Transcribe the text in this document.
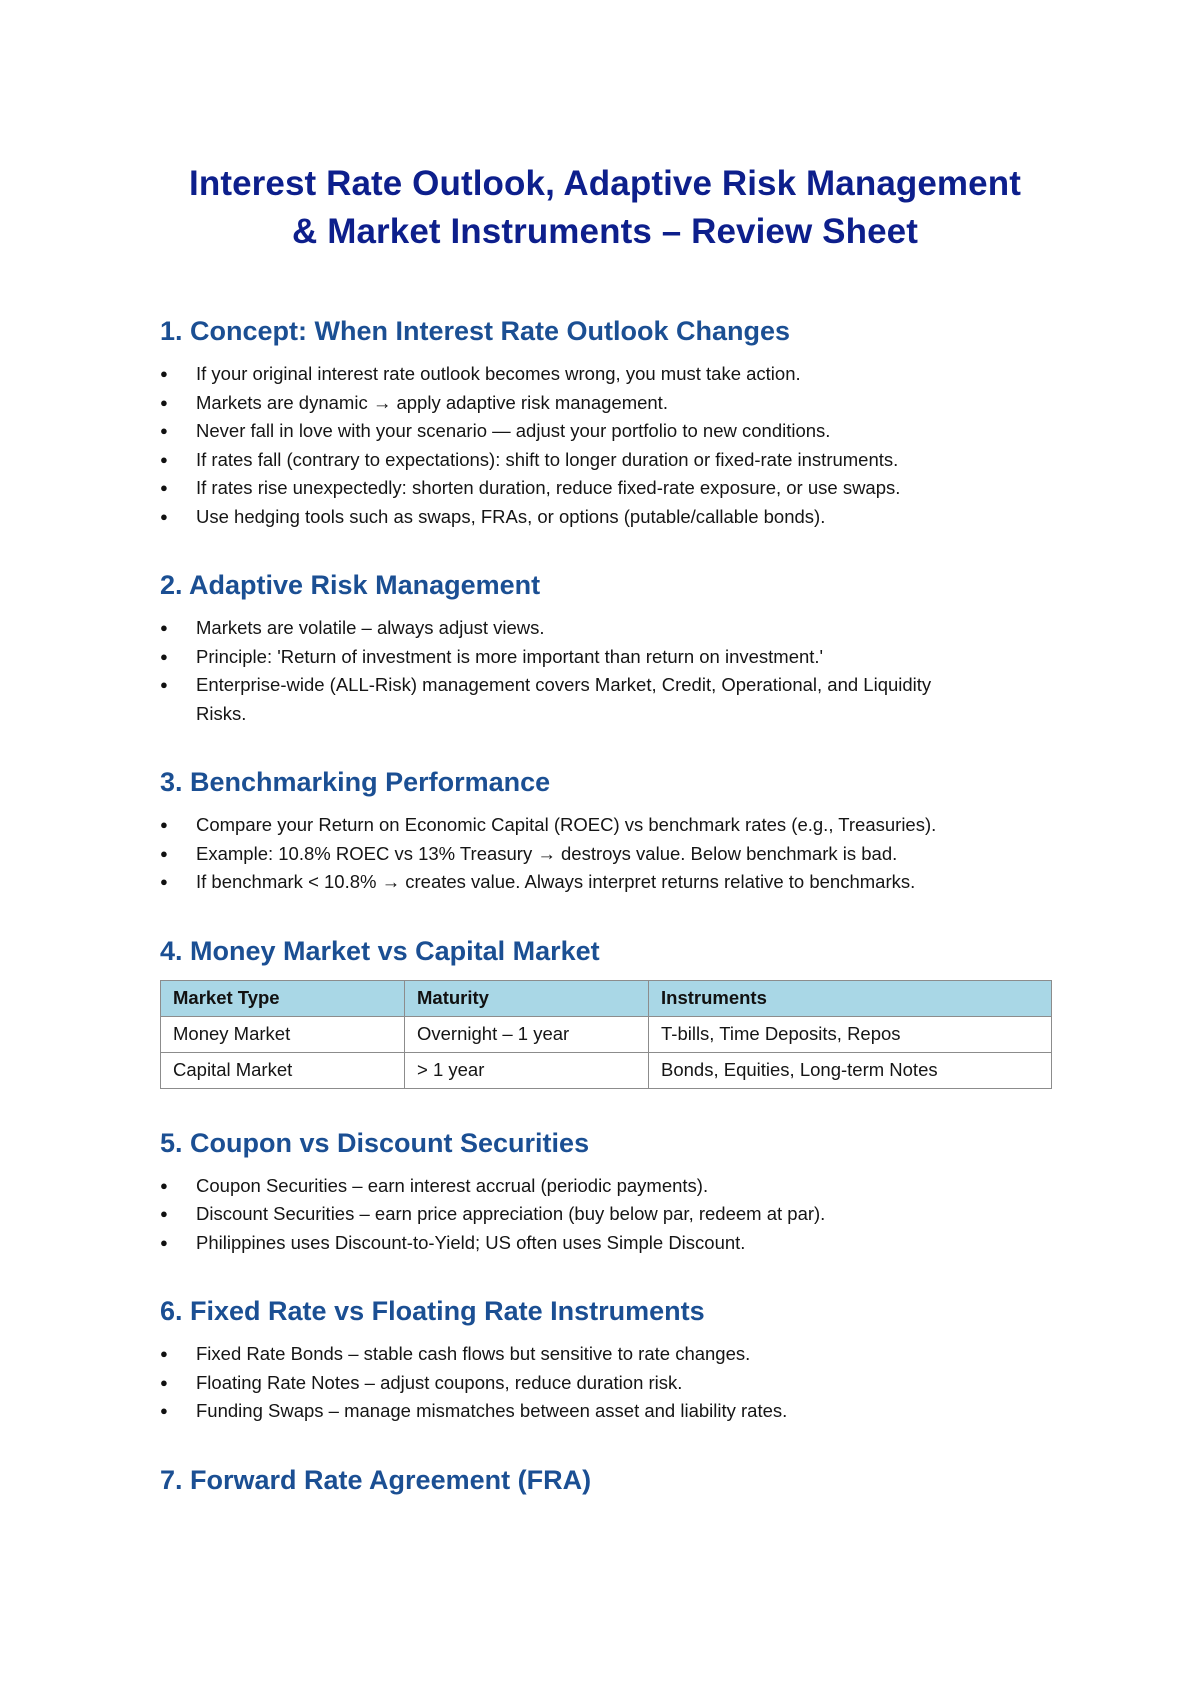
Interest Rate Outlook, Adaptive Risk Management
& Market Instruments – Review Sheet
1. Concept: When Interest Rate Outlook Changes
● If your original interest rate outlook becomes wrong, you must take action.
● Markets are dynamic → apply adaptive risk management.
● Never fall in love with your scenario — adjust your portfolio to new conditions.
● If rates fall (contrary to expectations): shift to longer duration or fixed-rate instruments.
● If rates rise unexpectedly: shorten duration, reduce fixed-rate exposure, or use swaps.
● Use hedging tools such as swaps, FRAs, or options (putable/callable bonds).
2. Adaptive Risk Management
● Markets are volatile – always adjust views.
● Principle: 'Return of investment is more important than return on investment.'
● Enterprise-wide (ALL-Risk) management covers Market, Credit, Operational, and Liquidity Risks.
3. Benchmarking Performance
● Compare your Return on Economic Capital (ROEC) vs benchmark rates (e.g., Treasuries).
● Example: 10.8% ROEC vs 13% Treasury → destroys value. Below benchmark is bad.
● If benchmark < 10.8% → creates value. Always interpret returns relative to benchmarks.
4. Money Market vs Capital Market
Market Type	Maturity	Instruments
Money Market	Overnight – 1 year	T-bills, Time Deposits, Repos
Capital Market	> 1 year	Bonds, Equities, Long-term Notes
5. Coupon vs Discount Securities
● Coupon Securities – earn interest accrual (periodic payments).
● Discount Securities – earn price appreciation (buy below par, redeem at par).
● Philippines uses Discount-to-Yield; US often uses Simple Discount.
6. Fixed Rate vs Floating Rate Instruments
● Fixed Rate Bonds – stable cash flows but sensitive to rate changes.
● Floating Rate Notes – adjust coupons, reduce duration risk.
● Funding Swaps – manage mismatches between asset and liability rates.
7. Forward Rate Agreement (FRA)
